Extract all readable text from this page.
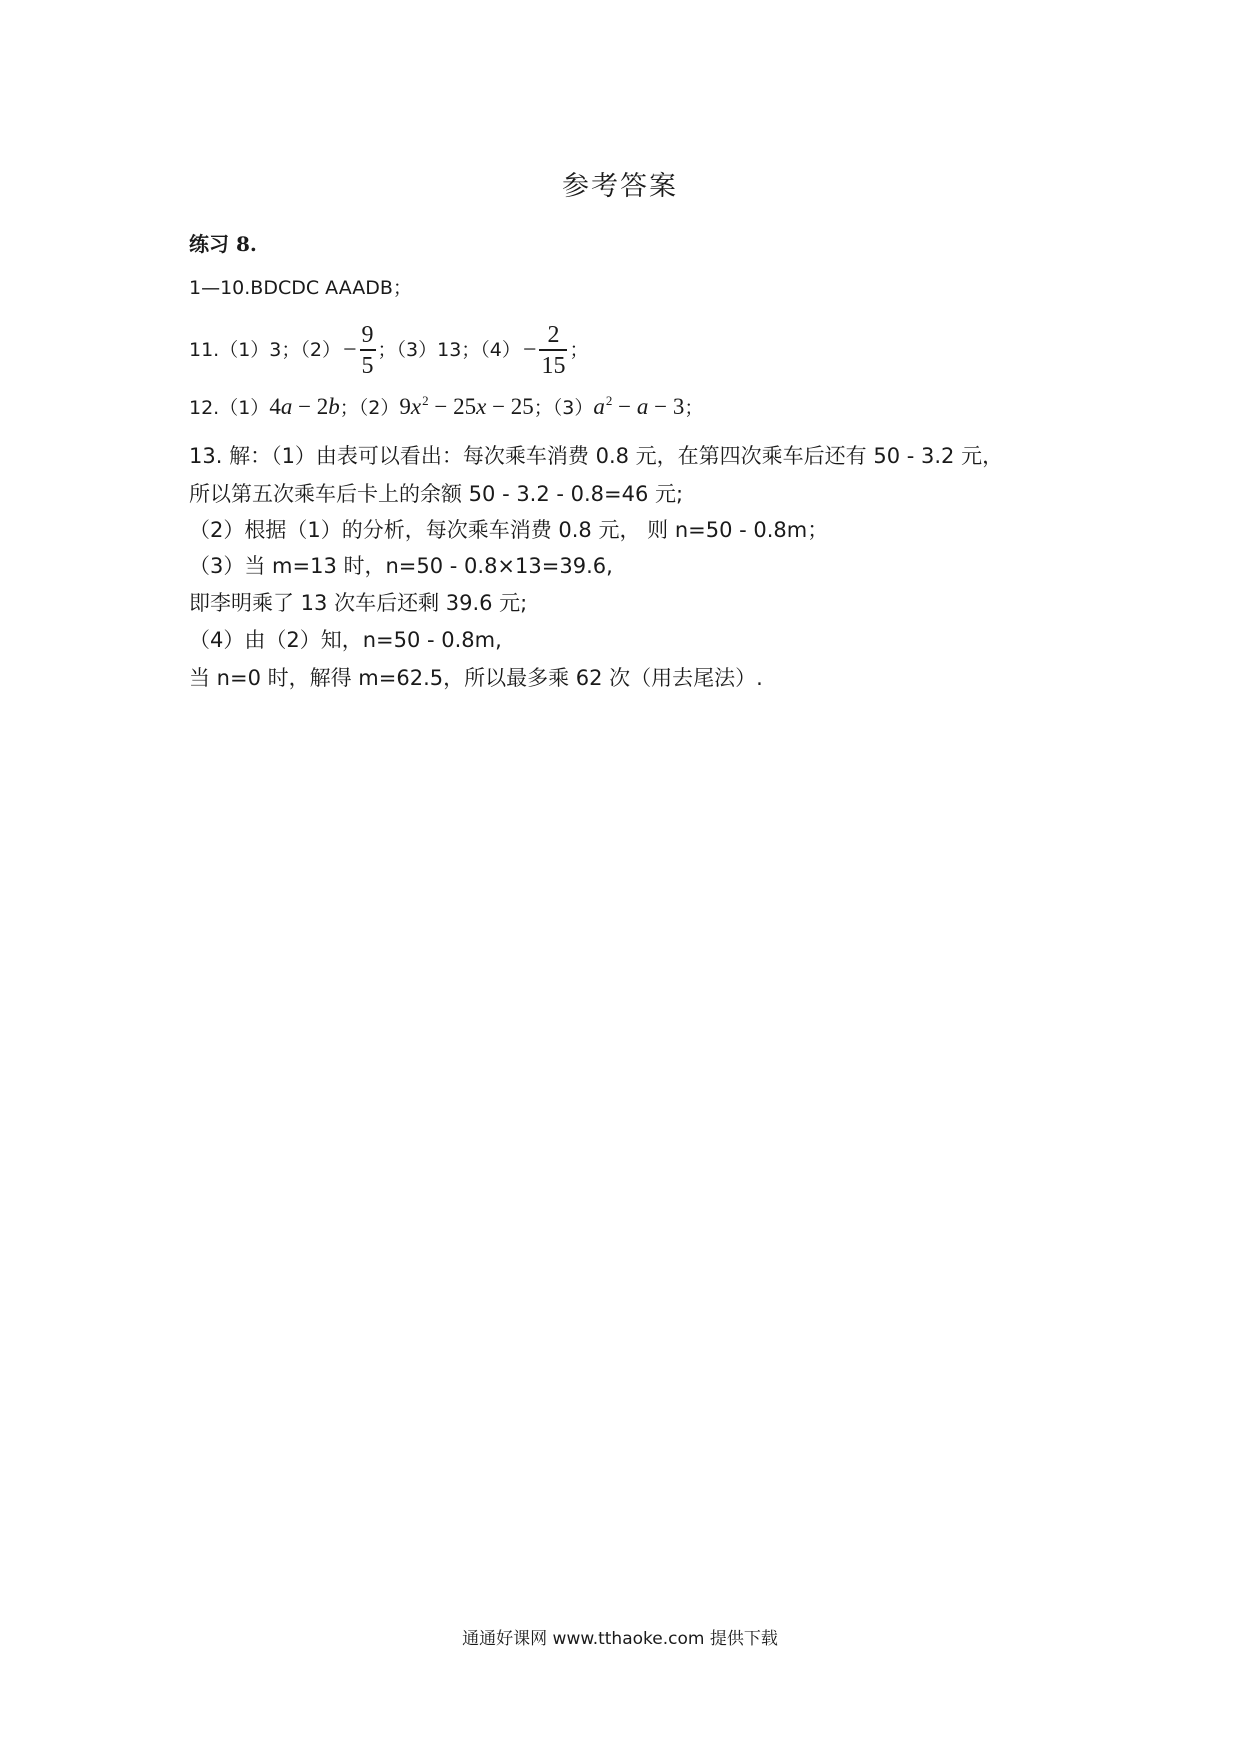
参考答案
练习 8.
1—10.BDCDC AAADB；
11.（1）3；$(2) - \frac{9}{5}$ ；（3）13；$(4) - \frac{2}{15}$ ；
12.（1）4a − 2b；$(2)9x^2 - 25x - 25$；$(3)a^2 - a - 3$；
13. 解：（1）由表可以看出：每次乘车消费 0.8 元，在第四次乘车后还有 50 - 3.2 元，
所以第五次乘车后卡上的余额 50 - 3.2 - 0.8=46 元;
（2）根据（1）的分析，每次乘车消费 0.8 元， 则 n=50 - 0.8m；
（3）当 m=13 时，n=50 - 0.8×13=39.6,
即李明乘了 13 次车后还剩 39.6 元;
（4）由（2）知，n=50 - 0.8m,
当 n=0 时，解得 m=62.5，所以最多乘 62 次（用去尾法）.
通通好课网 www.tthaoke.com 提供下载
